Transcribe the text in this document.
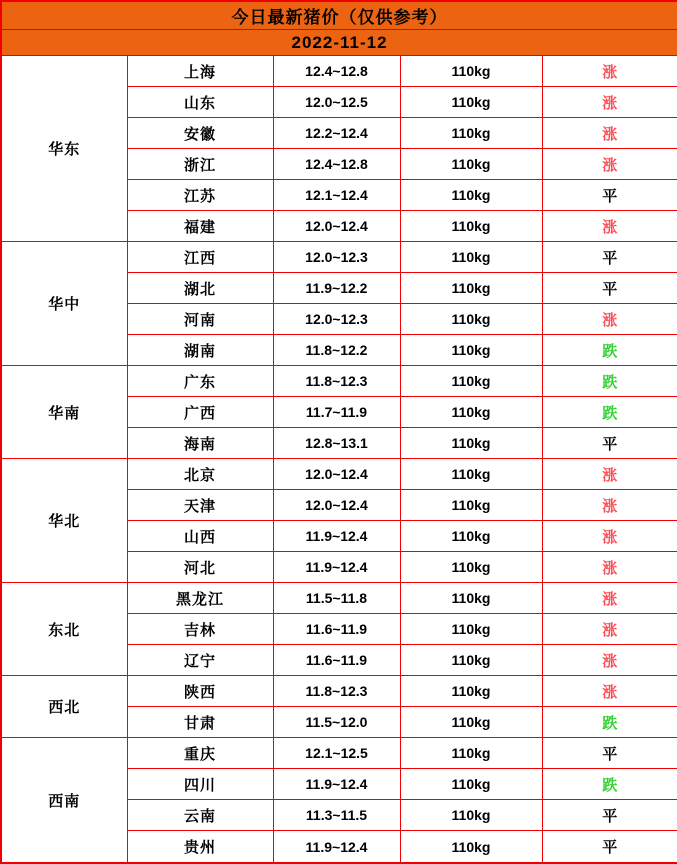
今日最新猪价（仅供参考）				
2022-11-12				
华东	上海	12.4~12.8	110kg	涨
	山东	12.0~12.5	110kg	涨
	安徽	12.2~12.4	110kg	涨
	浙江	12.4~12.8	110kg	涨
	江苏	12.1~12.4	110kg	平
	福建	12.0~12.4	110kg	涨
华中	江西	12.0~12.3	110kg	平
	湖北	11.9~12.2	110kg	平
	河南	12.0~12.3	110kg	涨
	湖南	11.8~12.2	110kg	跌
华南	广东	11.8~12.3	110kg	跌
	广西	11.7~11.9	110kg	跌
	海南	12.8~13.1	110kg	平
华北	北京	12.0~12.4	110kg	涨
	天津	12.0~12.4	110kg	涨
	山西	11.9~12.4	110kg	涨
	河北	11.9~12.4	110kg	涨
东北	黑龙江	11.5~11.8	110kg	涨
	吉林	11.6~11.9	110kg	涨
	辽宁	11.6~11.9	110kg	涨
西北	陕西	11.8~12.3	110kg	涨
	甘肃	11.5~12.0	110kg	跌
西南	重庆	12.1~12.5	110kg	平
	四川	11.9~12.4	110kg	跌
	云南	11.3~11.5	110kg	平
	贵州	11.9~12.4	110kg	平
